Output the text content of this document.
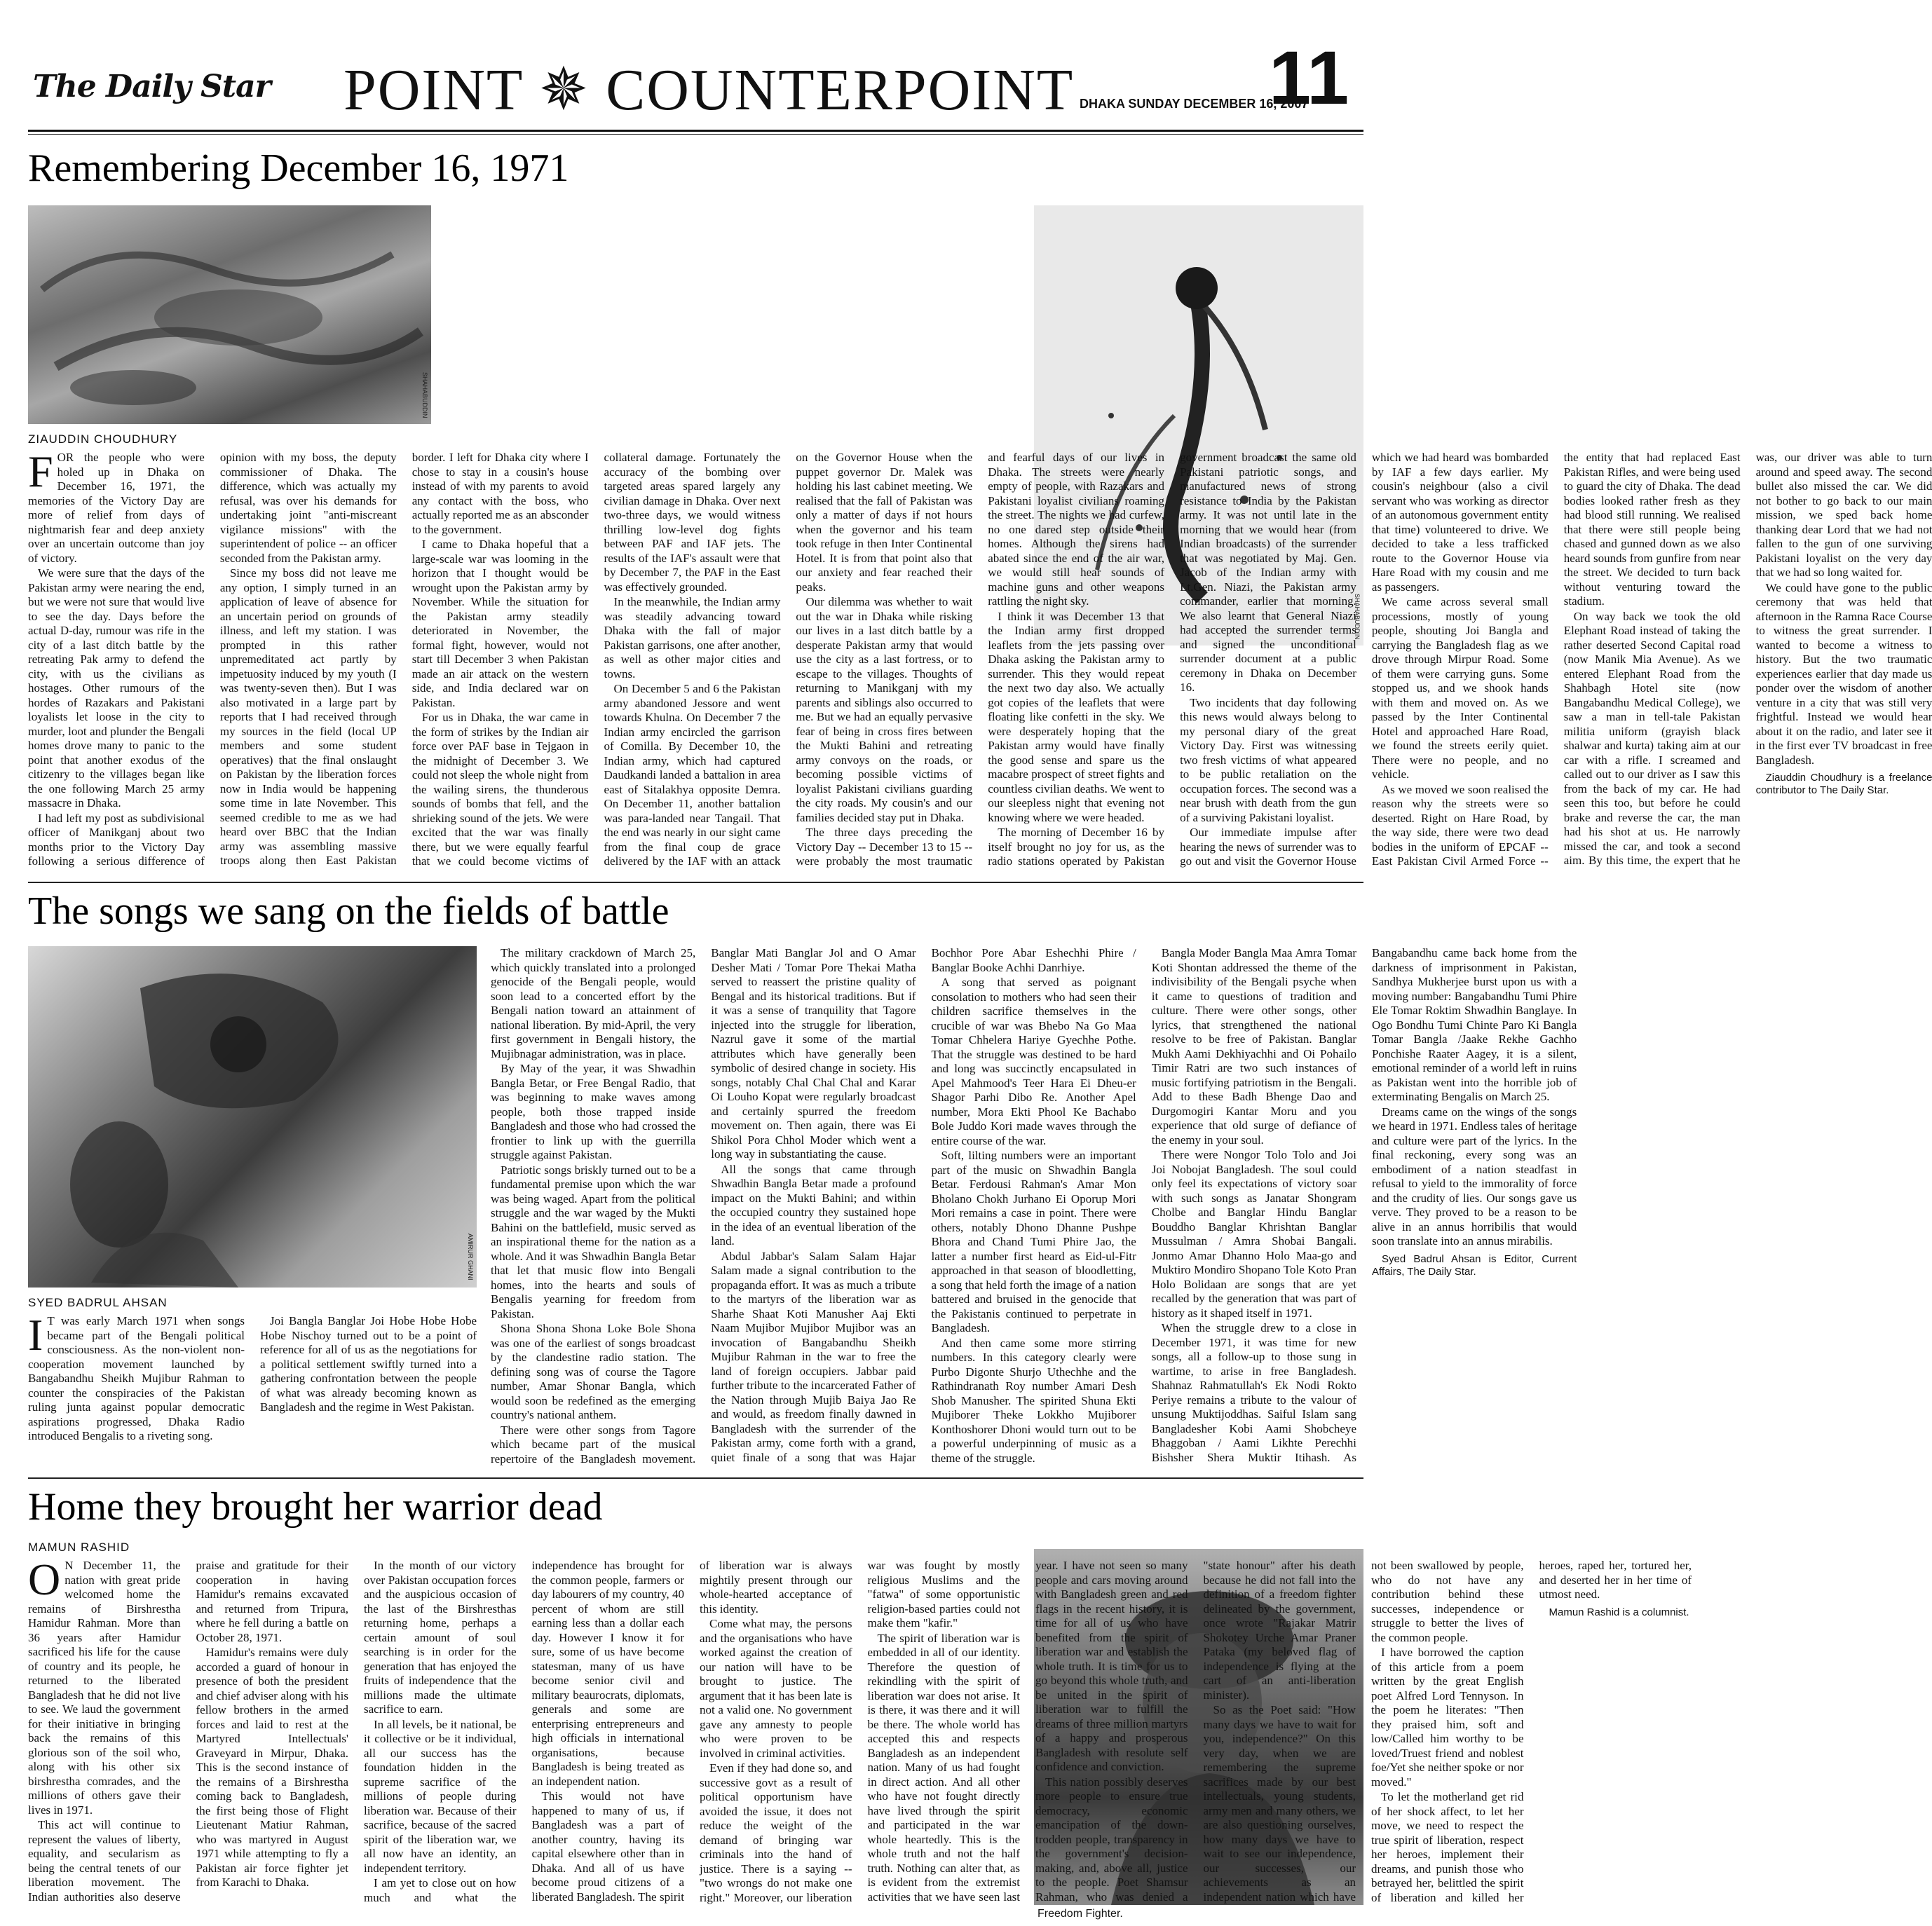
The Daily Star POINT ✵ COUNTERPOINT DHAKA SUNDAY DECEMBER 16, 2007
11
Remembering December 16, 1971
SHAHABUDDIN
SHAHABUDDIN
ZIAUDDIN CHOUDHURY

FOR the people who were holed up in Dhaka on December 16, 1971, the memories of the Victory Day are more of relief from days of nightmarish fear and deep anxiety over an uncertain outcome than joy of victory.

We were sure that the days of the Pakistan army were nearing the end, but we were not sure that would live to see the day. Days before the actual D-day, rumour was rife in the city of a last ditch battle by the retreating Pak army to defend the city, with us the civilians as hostages. Other rumours of the hordes of Razakars and Pakistani loyalists let loose in the city to murder, loot and plunder the Bengali homes drove many to panic to the point that another exodus of the citizenry to the villages began like the one following March 25 army massacre in Dhaka.

I had left my post as subdivisional officer of Manikganj about two months prior to the Victory Day following a serious difference of opinion with my boss, the deputy commissioner of Dhaka. The difference, which was actually my refusal, was over his demands for undertaking joint "anti-miscreant vigilance missions" with the superintendent of police -- an officer seconded from the Pakistan army.

Since my boss did not leave me any option, I simply turned in an application of leave of absence for an uncertain period on grounds of illness, and left my station. I was prompted in this rather unpremeditated act partly by impetuosity induced by my youth (I was twenty-seven then). But I was also motivated in a large part by reports that I had received through my sources in the field (local UP members and some student operatives) that the final onslaught on Pakistan by the liberation forces now in India would be happening some time in late November. This seemed credible to me as we had heard over BBC that the Indian army was assembling massive troops along then East Pakistan border. I left for Dhaka city where I chose to stay in a cousin's house instead of with my parents to avoid any contact with the boss, who actually reported me as an absconder to the government.

I came to Dhaka hopeful that a large-scale war was looming in the horizon that I thought would be wrought upon the Pakistan army by November. While the situation for the Pakistan army steadily deteriorated in November, the formal fight, however, would not start till December 3 when Pakistan made an air attack on the western side, and India declared war on Pakistan.

For us in Dhaka, the war came in the form of strikes by the Indian air force over PAF base in Tejgaon in the midnight of December 3. We could not sleep the whole night from the wailing sirens, the thunderous sounds of bombs that fell, and the shrieking sound of the jets. We were excited that the war was finally there, but we were equally fearful that we could become victims of collateral damage. Fortunately the accuracy of the bombing over targeted areas spared largely any civilian damage in Dhaka. Over next two-three days, we would witness thrilling low-level dog fights between PAF and IAF jets. The results of the IAF's assault were that by December 7, the PAF in the East was effectively grounded.

In the meanwhile, the Indian army was steadily advancing toward Dhaka with the fall of major Pakistan garrisons, one after another, as well as other major cities and towns.

On December 5 and 6 the Pakistan army abandoned Jessore and went towards Khulna. On December 7 the Indian army encircled the garrison of Comilla. By December 10, the Indian army, which had captured Daudkandi landed a battalion in area east of Sitalakhya opposite Demra. On December 11, another battalion was para-landed near Tangail. That the end was nearly in our sight came from the final coup de grace delivered by the IAF with an attack on the Governor House when the puppet governor Dr. Malek was holding his last cabinet meeting. We realised that the fall of Pakistan was only a matter of days if not hours when the governor and his team took refuge in then Inter Continental Hotel. It is from that point also that our anxiety and fear reached their peaks.

Our dilemma was whether to wait out the war in Dhaka while risking our lives in a last ditch battle by a desperate Pakistan army that would use the city as a last fortress, or to escape to the villages. Thoughts of returning to Manikganj with my parents and siblings also occurred to me. But we had an equally pervasive fear of being in cross fires between the Mukti Bahini and retreating army convoys on the roads, or becoming possible victims of loyalist Pakistani civilians guarding the city roads. My cousin's and our families decided stay put in Dhaka.

The three days preceding the Victory Day -- December 13 to 15 -- were probably the most traumatic and fearful days of our lives in Dhaka. The streets were nearly empty of people, with Razakars and Pakistani loyalist civilians roaming the street. The nights we had curfew, no one dared step outside their homes. Although the sirens had abated since the end of the air war, we would still hear sounds of machine guns and other weapons rattling the night sky.

I think it was December 13 that the Indian army first dropped leaflets from the jets passing over Dhaka asking the Pakistan army to surrender. This they would repeat the next two day also. We actually got copies of the leaflets that were floating like confetti in the sky. We were desperately hoping that the Pakistan army would have finally the good sense and spare us the macabre prospect of street fights and countless civilian deaths. We went to our sleepless night that evening not knowing where we were headed.

The morning of December 16 by itself brought no joy for us, as the radio stations operated by Pakistan government broadcast the same old Pakistani patriotic songs, and manufactured news of strong resistance to India by the Pakistan army. It was not until late in the morning that we would hear (from Indian broadcasts) of the surrender that was negotiated by Maj. Gen. Jacob of the Indian army with Lt.Gen. Niazi, the Pakistan army commander, earlier that morning. We also learnt that General Niazi had accepted the surrender terms and signed the unconditional surrender document at a public ceremony in Dhaka on December 16.

Two incidents that day following this news would always belong to my personal diary of the great Victory Day. First was witnessing two fresh victims of what appeared to be public retaliation on the occupation forces. The second was a near brush with death from the gun of a surviving Pakistani loyalist.

Our immediate impulse after hearing the news of surrender was to go out and visit the Governor House which we had heard was bombarded by IAF a few days earlier. My cousin's neighbour (also a civil servant who was working as director of an autonomous government entity that time) volunteered to drive. We decided to take a less trafficked route to the Governor House via Hare Road with my cousin and me as passengers.

We came across several small processions, mostly of young people, shouting Joi Bangla and carrying the Bangladesh flag as we drove through Mirpur Road. Some of them were carrying guns. Some stopped us, and we shook hands with them and moved on. As we passed by the Inter Continental Hotel and approached Hare Road, we found the streets eerily quiet. There were no people, and no vehicle.

As we moved we soon realised the reason why the streets were so deserted. Right on Hare Road, by the way side, there were two dead bodies in the uniform of EPCAF -- East Pakistan Civil Armed Force -- the entity that had replaced East Pakistan Rifles, and were being used to guard the city of Dhaka. The dead bodies looked rather fresh as they had blood still running. We realised that there were still people being chased and gunned down as we also heard sounds from gunfire from near the street. We decided to turn back without venturing toward the stadium.

On way back we took the old Elephant Road instead of taking the rather deserted Second Capital road (now Manik Mia Avenue). As we entered Elephant Road from the Shahbagh Hotel site (now Bangabandhu Medical College), we saw a man in tell-tale Pakistan militia uniform (grayish black shalwar and kurta) taking aim at our car with a rifle. I screamed and called out to our driver as I saw this from the back of my car. He had seen this too, but before he could brake and reverse the car, the man had his shot at us. He narrowly missed the car, and took a second aim. By this time, the expert that he was, our driver was able to turn around and speed away. The second bullet also missed the car. We did not bother to go back to our main mission, we sped back home thanking dear Lord that we had not fallen to the gun of one surviving Pakistani loyalist on the very day that we had so long waited for.

We could have gone to the public ceremony that was held that afternoon in the Ramna Race Course to witness the great surrender. I wanted to become a witness to history. But the two traumatic experiences earlier that day made us ponder over the wisdom of another venture in a city that was still very frightful. Instead we would hear about it on the radio, and later see it in the first ever TV broadcast in free Bangladesh.

Ziauddin Choudhury is a freelance contributor to The Daily Star.

The songs we sang on the fields of battle
AMIRUR GHANI
SYED BADRUL AHSAN

I T was early March 1971 when songs became part of the Bengali political consciousness. As the non-violent non-cooperation movement launched by Bangabandhu Sheikh Mujibur Rahman to counter the conspiracies of the Pakistan ruling junta against popular democratic aspirations progressed, Dhaka Radio introduced Bengalis to a riveting song.

Joi Bangla Banglar Joi Hobe Hobe Hobe Hobe Nischoy turned out to be a point of reference for all of us as the negotiations for a political settlement swiftly turned into a gathering confrontation between the people of what was already becoming known as Bangladesh and the regime in West Pakistan.

The military crackdown of March 25, which quickly translated into a prolonged genocide of the Bengali people, would soon lead to a concerted effort by the Bengali nation toward an attainment of national liberation. By mid-April, the very first government in Bengali history, the Mujibnagar administration, was in place.

By May of the year, it was Shwadhin Bangla Betar, or Free Bengal Radio, that was beginning to make waves among people, both those trapped inside Bangladesh and those who had crossed the frontier to link up with the guerrilla struggle against Pakistan.

Patriotic songs briskly turned out to be a fundamental premise upon which the war was being waged. Apart from the political struggle and the war waged by the Mukti Bahini on the battlefield, music served as an inspirational theme for the nation as a whole. And it was Shwadhin Bangla Betar that let that music flow into Bengali homes, into the hearts and souls of Bengalis yearning for freedom from Pakistan.

Shona Shona Shona Loke Bole Shona was one of the earliest of songs broadcast by the clandestine radio station. The defining song was of course the Tagore number, Amar Shonar Bangla, which would soon be redefined as the emerging country's national anthem.

There were other songs from Tagore which became part of the musical repertoire of the Bangladesh movement. Banglar Mati Banglar Jol and O Amar Desher Mati / Tomar Pore Thekai Matha served to reassert the pristine quality of Bengal and its historical traditions. But if it was a sense of tranquility that Tagore injected into the struggle for liberation, Nazrul gave it some of the martial attributes which have generally been symbolic of desired change in society. His songs, notably Chal Chal Chal and Karar Oi Louho Kopat were regularly broadcast and certainly spurred the freedom movement on. Then again, there was Ei Shikol Pora Chhol Moder which went a long way in substantiating the cause.

All the songs that came through Shwadhin Bangla Betar made a profound impact on the Mukti Bahini; and within the occupied country they sustained hope in the idea of an eventual liberation of the land.

Abdul Jabbar's Salam Salam Hajar Salam made a signal contribution to the propaganda effort. It was as much a tribute to the martyrs of the liberation war as Sharhe Shaat Koti Manusher Aaj Ekti Naam Mujibor Mujibor Mujibor was an invocation of Bangabandhu Sheikh Mujibur Rahman in the war to free the land of foreign occupiers. Jabbar paid further tribute to the incarcerated Father of the Nation through Mujib Baiya Jao Re and would, as freedom finally dawned in Bangladesh with the surrender of the Pakistan army, come forth with a grand, quiet finale of a song that was Hajar Bochhor Pore Abar Eshechhi Phire / Banglar Booke Achhi Danrhiye.

A song that served as poignant consolation to mothers who had seen their children sacrifice themselves in the crucible of war was Bhebo Na Go Maa Tomar Chhelera Hariye Gyechhe Pothe. That the struggle was destined to be hard and long was succinctly encapsulated in Apel Mahmood's Teer Hara Ei Dheu-er Shagor Parhi Dibo Re. Another Apel number, Mora Ekti Phool Ke Bachabo Bole Juddo Kori made waves through the entire course of the war.

Soft, lilting numbers were an important part of the music on Shwadhin Bangla Betar. Ferdousi Rahman's Amar Mon Bholano Chokh Jurhano Ei Oporup Mori Mori remains a case in point. There were others, notably Dhono Dhanne Pushpe Bhora and Chand Tumi Phire Jao, the latter a number first heard as Eid-ul-Fitr approached in that season of bloodletting, a song that held forth the image of a nation battered and bruised in the genocide that the Pakistanis continued to perpetrate in Bangladesh.

And then came some more stirring numbers. In this category clearly were Purbo Digonte Shurjo Uthechhe and the Rathindranath Roy number Amari Desh Shob Manusher. The spirited Shuna Ekti Mujiborer Theke Lokkho Mujiborer Konthoshorer Dhoni would turn out to be a powerful underpinning of music as a theme of the struggle.

Bangla Moder Bangla Maa Amra Tomar Koti Shontan addressed the theme of the indivisibility of the Bengali psyche when it came to questions of tradition and culture. There were other songs, other lyrics, that strengthened the national resolve to be free of Pakistan. Banglar Mukh Aami Dekhiyachhi and Oi Pohailo Timir Ratri are two such instances of music fortifying patriotism in the Bengali. Add to these Badh Bhenge Dao and Durgomogiri Kantar Moru and you experience that old surge of defiance of the enemy in your soul.

There were Nongor Tolo Tolo and Joi Joi Nobojat Bangladesh. The soul could only feel its expectations of victory soar with such songs as Janatar Shongram Cholbe and Banglar Hindu Banglar Bouddho Banglar Khrishtan Banglar Mussulman / Amra Shobai Bangali. Jonmo Amar Dhanno Holo Maa-go and Muktiro Mondiro Shopano Tole Koto Pran Holo Bolidaan are songs that are yet recalled by the generation that was part of history as it shaped itself in 1971.

When the struggle drew to a close in December 1971, it was time for new songs, all a follow-up to those sung in wartime, to arise in free Bangladesh. Shahnaz Rahmatullah's Ek Nodi Rokto Periye remains a tribute to the valour of unsung Muktijoddhas. Saiful Islam sang Bangladesher Kobi Aami Shobcheye Bhaggoban / Aami Likhte Perechhi Bishsher Shera Muktir Itihash. As Bangabandhu came back home from the darkness of imprisonment in Pakistan, Sandhya Mukherjee burst upon us with a moving number: Bangabandhu Tumi Phire Ele Tomar Roktim Shwadhin Banglaye. In Ogo Bondhu Tumi Chinte Paro Ki Bangla Tomar Bangla /Jaake Rekhe Gachho Ponchishe Raater Aagey, it is a silent, emotional reminder of a world left in ruins as Pakistan went into the horrible job of exterminating Bengalis on March 25.

Dreams came on the wings of the songs we heard in 1971. Endless tales of heritage and culture were part of the lyrics. In the final reckoning, every song was an embodiment of a nation steadfast in refusal to yield to the immorality of force and the crudity of lies. Our songs gave us verve. They proved to be a reason to be alive in an annus horribilis that would soon translate into an annus mirabilis.

Syed Badrul Ahsan is Editor, Current Affairs, The Daily Star.

Home they brought her warrior dead
MAMUN RASHID
Freedom Fighter.

O N December 11, the nation with great pride welcomed home the remains of Birshrestha Hamidur Rahman. More than 36 years after Hamidur sacrificed his life for the cause of country and its people, he returned to the liberated Bangladesh that he did not live to see. We laud the government for their initiative in bringing back the remains of this glorious son of the soil who, along with his other six birshrestha comrades, and the millions of others gave their lives in 1971.

This act will continue to represent the values of liberty, equality, and secularism as being the central tenets of our liberation movement. The Indian authorities also deserve praise and gratitude for their cooperation in having Hamidur's remains excavated and returned from Tripura, where he fell during a battle on October 28, 1971.

Hamidur's remains were duly accorded a guard of honour in presence of both the president and chief adviser along with his fellow brothers in the armed forces and laid to rest at the Martyred Intellectuals' Graveyard in Mirpur, Dhaka. This is the second instance of the remains of a Birshrestha coming back to Bangladesh, the first being those of Flight Lieutenant Matiur Rahman, who was martyred in August 1971 while attempting to fly a Pakistan air force fighter jet from Karachi to Dhaka.

In the month of our victory over Pakistan occupation forces and the auspicious occasion of the last of the Birshresthas returning home, perhaps a certain amount of soul searching is in order for the generation that has enjoyed the fruits of independence that the millions made the ultimate sacrifice to earn.

In all levels, be it national, be it collective or be it individual, all our success has the foundation hidden in the supreme sacrifice of the millions of people during liberation war. Because of their sacrifice, because of the sacred spirit of the liberation war, we all now have an identity, an independent territory.

I am yet to close out on how much and what the independence has brought for the common people, farmers or day labourers of my country, 40 percent of whom are still earning less than a dollar each day. However I know it for sure, some of us have become statesman, many of us have become senior civil and military beaurocrats, diplomats, generals and some are enterprising entrepreneurs and high officials in international organisations, because Bangladesh is being treated as an independent nation.

This would not have happened to many of us, if Bangladesh was a part of another country, having its capital elsewhere other than in Dhaka. And all of us have become proud citizens of a liberated Bangladesh. The spirit of liberation war is always mightily present through our whole-hearted acceptance of this identity.

Come what may, the persons and the organisations who have worked against the creation of our nation will have to be brought to justice. The argument that it has been late is not a valid one. No government gave any amnesty to people who were proven to be involved in criminal activities.

Even if they had done so, and successive govt as a result of political opportunism have avoided the issue, it does not reduce the weight of the demand of bringing war criminals into the hand of justice. There is a saying -- "two wrongs do not make one right." Moreover, our liberation war was fought by mostly religious Muslims and the "fatwa" of some opportunistic religion-based parties could not make them "kafir."

The spirit of liberation war is embedded in all of our identity. Therefore the question of rekindling with the spirit of liberation war does not arise. It is there, it was there and it will be there. The whole world has accepted this and respects Bangladesh as an independent nation. Many of us had fought in direct action. And all other who have not fought directly have lived through the spirit and participated in the war whole heartedly. This is the whole truth and not the half truth. Nothing can alter that, as is evident from the extremist activities that we have seen last year. I have not seen so many people and cars moving around with Bangladesh green and red flags in the recent history, it is time for all of us who have benefited from the spirit of liberation war and establish the whole truth. It is time for us to go beyond this whole truth, and be united in the spirit of liberation war to fulfill the dreams of three million martyrs of a happy and prosperous Bangladesh with resolute self confidence and conviction.

This nation possibly deserves more people to ensure true democracy, economic emancipation of the down-trodden people, transparency in the government's decision-making, and, above all, justice to the people. Poet Shamsur Rahman, who was denied a "state honour" after his death because he did not fall into the definition of a freedom fighter delineated by the government, once wrote "Rajakar Matrir Shokotey Urche Amar Praner Pataka (my beloved flag of independence is flying at the cart of an anti-liberation minister).

So as the Poet said: "How many days we have to wait for you, independence?" On this very day, when we are remembering the supreme sacrifices made by our best intellectuals, young students, army men and many others, we are also questioning ourselves, how many days we have to wait to see our independence, our successes, our achievements as an independent nation which have not been swallowed by people, who do not have any contribution behind these successes, independence or struggle to better the lives of the common people.

I have borrowed the caption of this article from a poem written by the great English poet Alfred Lord Tennyson. In the poem he literates: "Then they praised him, soft and low/Called him worthy to be loved/Truest friend and noblest foe/Yet she neither spoke or nor moved."

To let the motherland get rid of her shock affect, to let her move, we need to respect the true spirit of liberation, respect her heroes, implement their dreams, and punish those who betrayed her, belittled the spirit of liberation and killed her heroes, raped her, tortured her, and deserted her in her time of utmost need.

Mamun Rashid is a columnist.
